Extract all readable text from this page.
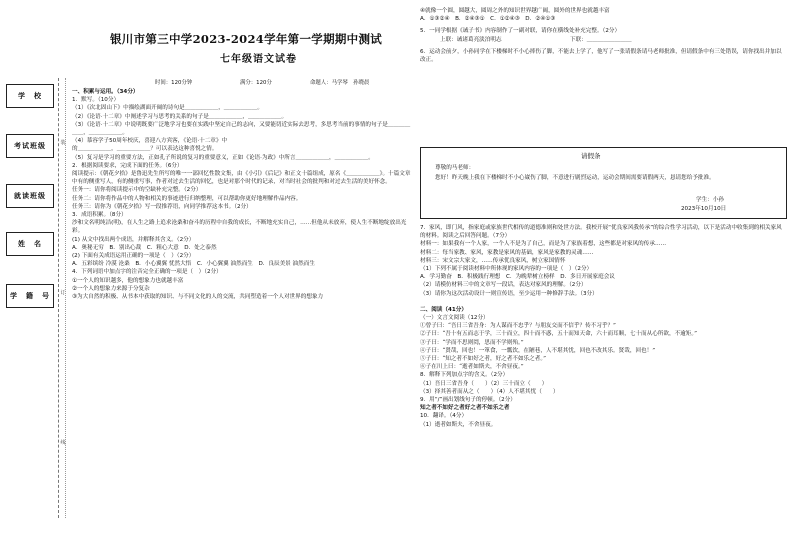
银川市第三中学2023-2024学年第一学期期中测试
七年级语文试卷
时间：120分钟	满分：120分	命题人：马学琴　孙晓晨
学　校
考试班级
就读班级
姓　名
学　籍　号
装
订
线
一、积累与运用。（34分）
1．默写。（10分）
（1）《次北固山下》中描绘湖面开阔的诗句是＿＿＿＿＿＿，＿＿＿＿＿＿。
（2）《论语·十二章》中阐述学习与思考的关系的句子是＿＿＿＿＿＿，＿＿＿＿＿＿。
（3）《论语·十二章》中说明既要广泛地学习也要在实践中坚定自己的志向，又要能切近实际去思考，多思考当前的事情的句子是＿＿＿＿＿＿，＿＿＿＿＿＿。
（4）慕容学子50周年校庆，喜迎八方宾客，《论语·十二章》中
的＿＿＿＿＿＿，＿＿＿＿＿＿？可以表达这种喜悦之情。
（5）复习是学习的重要方法，正如孔子所说的复习的重要意义，正如《论语·为政》中所言＿＿＿＿＿＿，＿＿＿＿＿＿。
2．根据阅读要求，完成下面的任务。（6分）
阅读提示：《朝花夕拾》是鲁迅先生所写的唯一一部回忆性散文集，由《小引》《后记》和正文十篇组成，原名《＿＿＿＿＿＿》。十篇文章中有的侧重写人，有的侧重写事，作者对过去生活的回忆，也是对那个时代的记录，对当时社会的批判和对过去生活的美好怀念。
任务一：请你将阅读提示中的空缺补充完整。（2分）
任务二：请你将作品中的人物和相关的事迹进行归纳整理，可以帮助你更好地理解作品内容。
任务三：请你为《朝花夕拾》写一段推荐语，向同学推荐这本书。（2分）
3．成语积累。（8分）
沙和文名明纯洁(明)，在人生之路上追求沧桑和奋斗的历程中自我的成长，不断地充实自己，……但他从未放弃，使人生不断地绽放出光彩。
(1) 从文中找出两个成语，并解释其含义。（2分）
A．奥秘无穷　B．别出心裁　C．粗心大意　D．处之泰然
(2) 下面有关成语运用正确的一项是（　）（2分）
A．五彩缤纷 冷漠 沧桑　B．小心翼翼 忧然大悟　C．小心翼翼 油然而生　D．良辰美景 油然而生
4．下列词语中加点字的注音完全正确的一项是（　）（2分）
①一个人的知识越多，他的想象力也就越丰富
②一个人的想象力来源于分复杂
③为大自然的积极、从书本中获取的知识、与不同文化的人的交流，共同塑造着一个人对世界的想象力
④就像一个圆，圆越大，圆周之外的知识世界越广阔，圆外的世界也就越丰富
A．①③②④　B．②④③①　C．①②④③　D．②④①③
5．一同学根据《诫子书》内容制作了一副对联，请你在横线处补充完整。（2分）
上联：诫诸葛亮淡泊明志	下联：＿＿＿＿＿＿＿＿
6．运动会前夕，小孙同学在下楼梯时不小心摔伤了脚，不能去上学了，他写了一张请假条请马老师批准，但请假条中有三处错误，请你找出并加以改正。
请假条
尊敬的马老师：
您好！昨天晚上我在下楼梯时不小心崴伤了脚，不意进行剧烈运动，运动会期间需要请假两天，恳请您给予批准。
学生：小孙
2023年10月10日
7．家风，即门风，指家庭或家族世代相传的道德准则和处世方法。我校开展“优良家风我传承”的综合性学习活动，以下是活动中收集到的相关家风的材料。阅读之后回答问题。（7分）
材料一：如果我有一个人家，一个人不是为了自己，而是为了家族着想，这些都是对家风的传承……
材料二：每当家教、家风，家教是家风的基础，家风是家教的灵魂……
材料三：宋文宗大家文，……传承优良家风，树立家国情怀
（1）下列不属于阅读材料中所体现的家风内容的一项是（　）（2分）
A．学习勤奋　B．积极践行理想　C．为晚辈树立榜样　D．多日开展家庭会议
（2）请模仿材料三中的文章写一段话，表达对家风的理解。（2分）
（3）请你为这次活动设计一则宣传语，至少运用一种修辞手法。（3分）
二、阅读（41分）
（一）文言文阅读（12分）
①曾子曰：“吾日三省吾身：为人谋而不忠乎？与朋友交而不信乎？传不习乎？”
②子曰：“吾十有五而志于学，三十而立，四十而不惑，五十而知天命，六十而耳顺，七十而从心所欲，不逾矩。”
③子曰：“学而不思则罔，思而不学则殆。”
④子曰：“贤哉，回也！一箪食，一瓢饮，在陋巷，人不堪其忧，回也不改其乐。贤哉，回也！”
⑤子曰：“知之者不如好之者，好之者不如乐之者。”
⑥子在川上曰：“逝者如斯夫，不舍昼夜。”
8．解释下列加点字的含义。（2分）
（1）吾日三省吾身（　　）（2）三十而立（　　）
（3）择其善者而从之（　　）（4）人不堪其忧（　　）
9．用“/”画出划线句子的停顿。（2分）
知之者不如好之者好之者不如乐之者
10．翻译。（4分）
（1）逝者如斯夫，不舍昼夜。
